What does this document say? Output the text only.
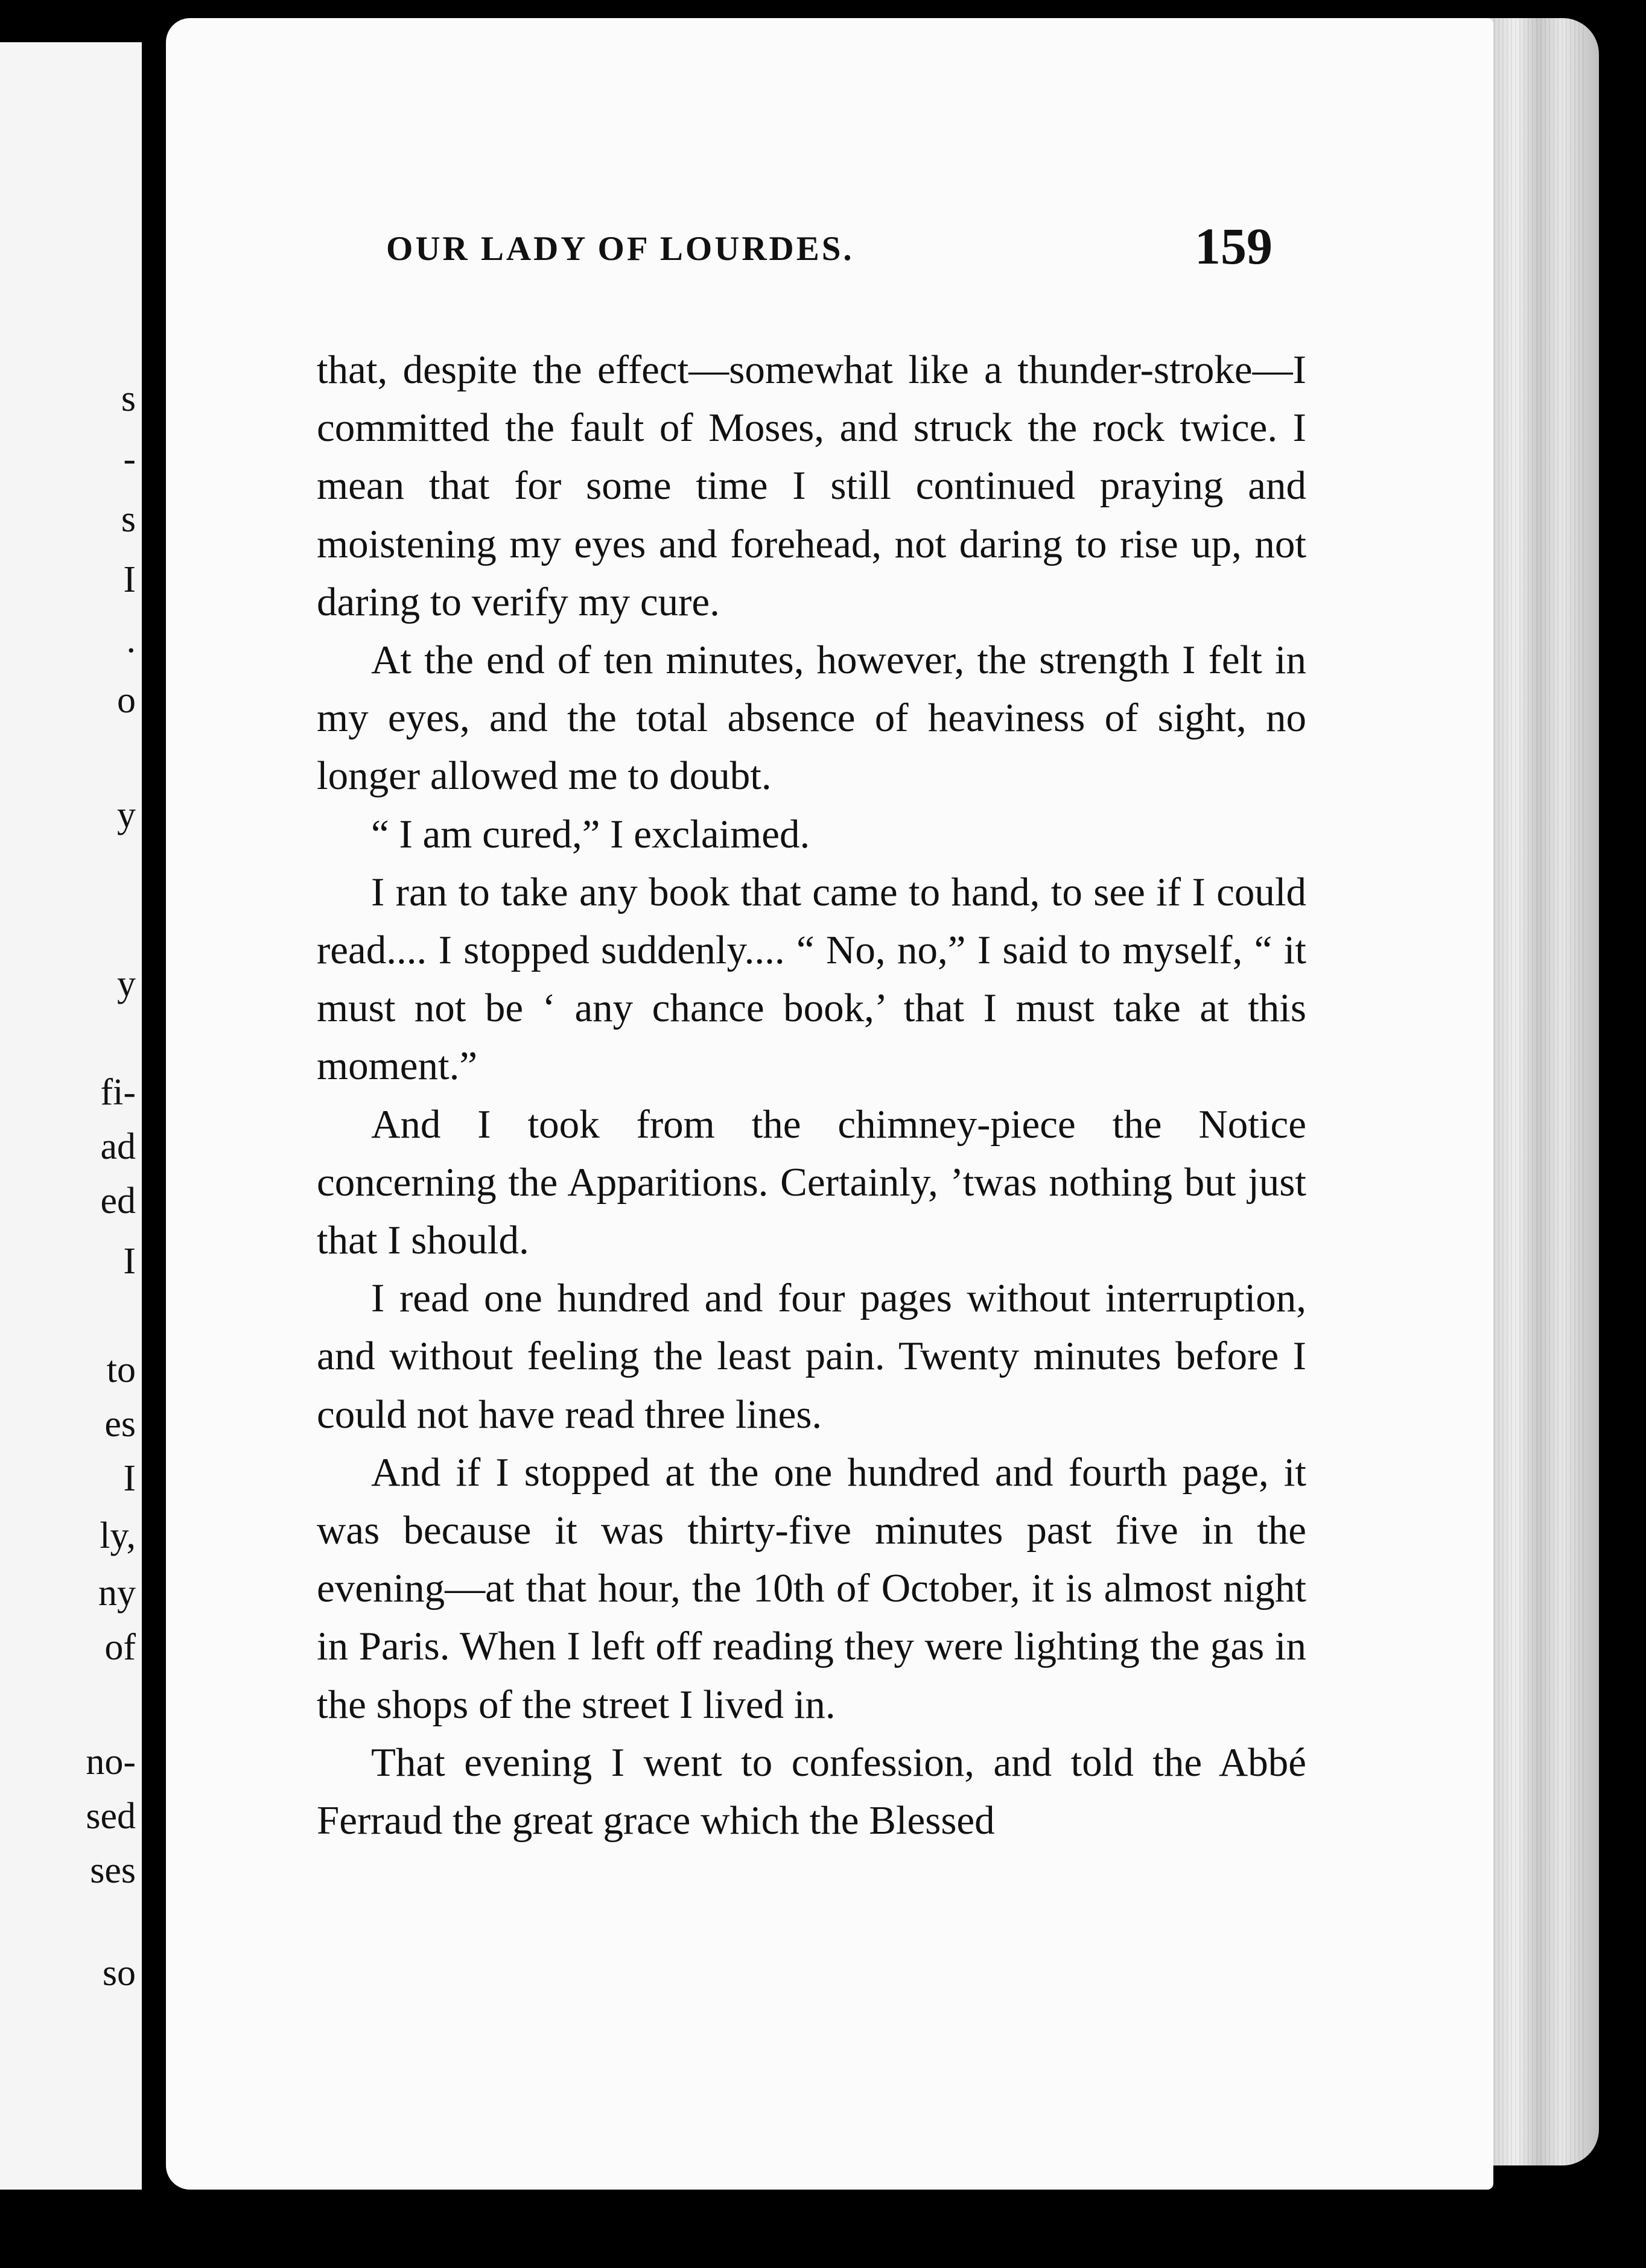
s
-
s
I
.
o
y
y
fi-
ad
ed
I
to
es
I
ly,
ny
of
no-
sed
ses
so
OUR LADY OF LOURDES.	159

that, despite the effect—somewhat like a thunder-stroke—I committed the fault of Moses, and struck the rock twice. I mean that for some time I still continued praying and moistening my eyes and forehead, not daring to rise up, not daring to verify my cure.

At the end of ten minutes, however, the strength I felt in my eyes, and the total absence of heaviness of sight, no longer allowed me to doubt.

“ I am cured,” I exclaimed.

I ran to take any book that came to hand, to see if I could read.... I stopped suddenly.... “ No, no,” I said to myself, “ it must not be ‘ any chance book,’ that I must take at this moment.”

And I took from the chimney-piece the Notice concerning the Apparitions. Certainly, ’twas nothing but just that I should.

I read one hundred and four pages without interruption, and without feeling the least pain. Twenty minutes before I could not have read three lines.

And if I stopped at the one hundred and fourth page, it was because it was thirty-five minutes past five in the evening—at that hour, the 10th of October, it is almost night in Paris. When I left off reading they were lighting the gas in the shops of the street I lived in.

That evening I went to confession, and told the Abbé Ferraud the great grace which the Blessed
